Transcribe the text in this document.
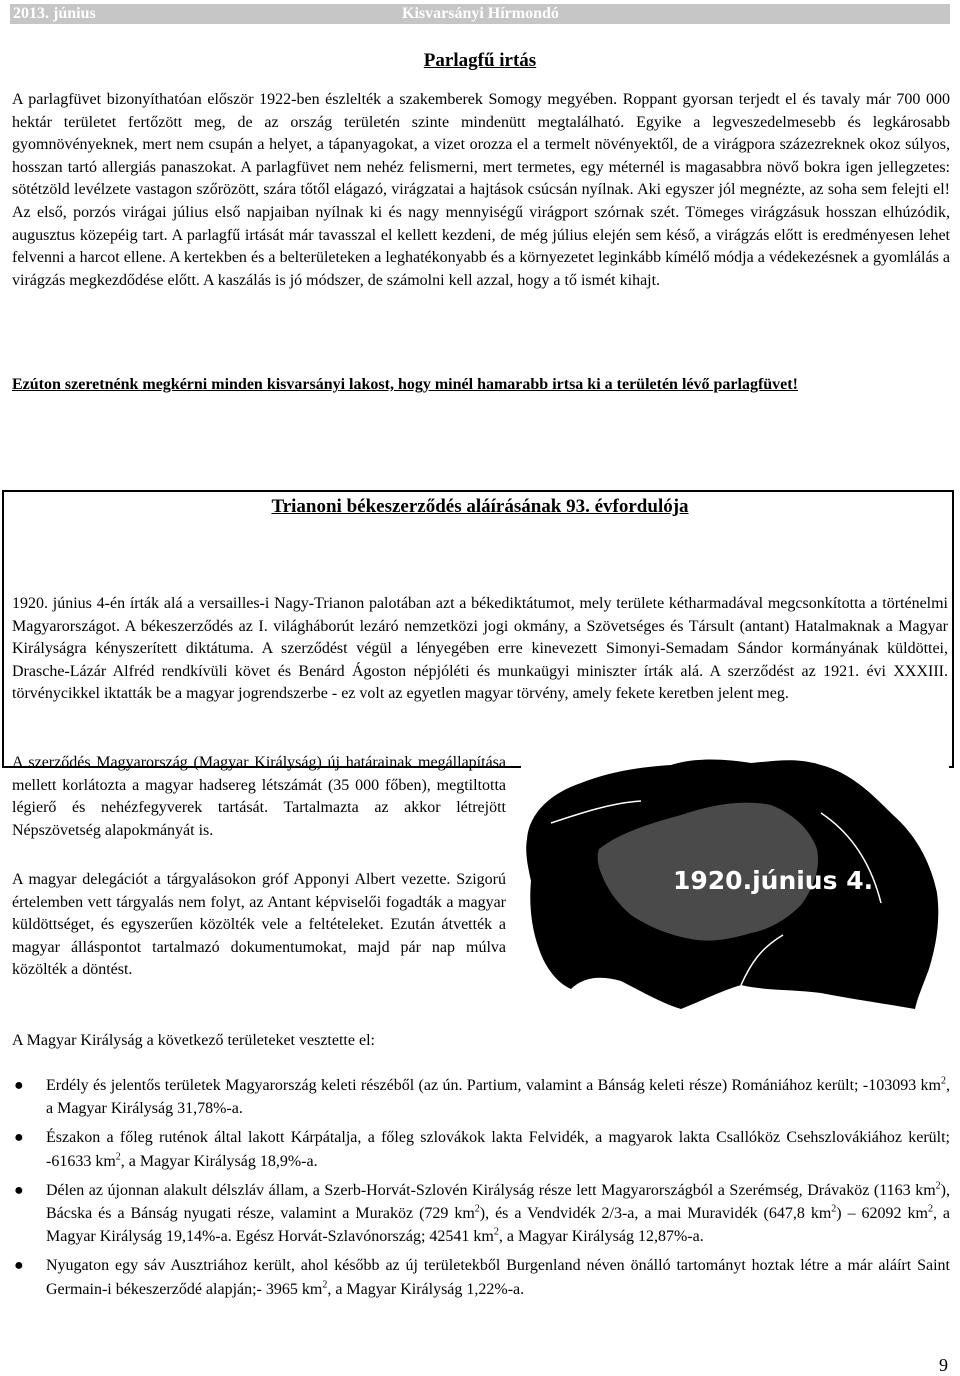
2013. június	Kisvarsányi Hírmondó
Parlagfű irtás

A parlagfüvet bizonyíthatóan először 1922-ben észlelték a szakemberek Somogy megyében. Roppant gyorsan terjedt el és tavaly már 700 000 hektár területet fertőzött meg, de az ország területén szinte mindenütt megtalálható. Egyike a legveszedelmesebb és legkárosabb gyomnövényeknek, mert nem csupán a helyet, a tápanyagokat, a vizet orozza el a termelt növényektől, de a virágpora százezreknek okoz súlyos, hosszan tartó allergiás panaszokat. A parlagfüvet nem nehéz felismerni, mert termetes, egy méternél is magasabbra növő bokra igen jellegzetes: sötétzöld levélzete vastagon szőrözött, szára tőtől elágazó, virágzatai a hajtások csúcsán nyílnak. Aki egyszer jól megnézte, az soha sem felejti el! Az első, porzós virágai július első napjaiban nyílnak ki és nagy mennyiségű virágport szórnak szét. Tömeges virágzásuk hosszan elhúzódik, augusztus közepéig tart. A parlagfű irtását már tavasszal el kellett kezdeni, de még július elején sem késő, a virágzás előtt is eredményesen lehet felvenni a harcot ellene. A kertekben és a belterületeken a leghatékonyabb és a környezetet leginkább kímélő módja a védekezésnek a gyomlálás a virágzás megkezdődése előtt. A kaszálás is jó módszer, de számolni kell azzal, hogy a tő ismét kihajt.

Ezúton szeretnénk megkérni minden kisvarsányi lakost, hogy minél hamarabb irtsa ki a területén lévő parlagfüvet!

Trianoni békeszerződés aláírásának 93. évfordulója

1920. június 4-én írták alá a versailles-i Nagy-Trianon palotában azt a békediktátumot, mely területe kétharmadával megcsonkította a történelmi Magyarországot. A békeszerződés az I. világháborút lezáró nemzetközi jogi okmány, a Szövetséges és Társult (antant) Hatalmaknak a Magyar Királyságra kényszerített diktátuma. A szerződést végül a lényegében erre kinevezett Simonyi-Semadam Sándor kormányának küldöttei, Drasche-Lázár Alfréd rendkívüli követ és Benárd Ágoston népjóléti és munkaügyi miniszter írták alá. A szerződést az 1921. évi XXXIII. törvénycikkel iktatták be a magyar jogrendszerbe - ez volt az egyetlen magyar törvény, amely fekete keretben jelent meg.

A szerződés Magyarország (Magyar Királyság) új határainak megállapítása mellett korlátozta a magyar hadsereg létszámát (35 000 főben), megtiltotta légierő és nehézfegyverek tartását. Tartalmazta az akkor létrejött Népszövetség alapokmányát is.

A magyar delegációt a tárgyalásokon gróf Apponyi Albert vezette. Szigorú értelemben vett tárgyalás nem folyt, az Antant képviselői fogadták a magyar küldöttséget, és egyszerűen közölték vele a feltételeket. Ezután átvették a magyar álláspontot tartalmazó dokumentumokat, majd pár nap múlva közölték a döntést.

1920.június 4.

A Magyar Királyság a következő területeket vesztette el:

● Erdély és jelentős területek Magyarország keleti részéből (az ún. Partium, valamint a Bánság keleti része) Romániához került; -103093 $km^2$, a Magyar Királyság 31,78%-a.
● Északon a főleg ruténok által lakott Kárpátalja, a főleg szlovákok lakta Felvidék, a magyarok lakta Csallóköz Csehszlovákiához került; -61633 $km^2$, a Magyar Királyság 18,9%-a.
● Délen az újonnan alakult délszláv állam, a Szerb-Horvát-Szlovén Királyság része lett Magyarországból a Szerémség, Drávaköz (1163 $km^2$), Bácska és a Bánság nyugati része, valamint a Muraköz (729 $km^2$), és a Vendvidék 2/3-a, a mai Muravidék (647,8 $km^2) - 62092$ $km^2$, a Magyar Királyság 19,14%-a. Egész Horvát-Szlavónország; 42541 $km^2$, a Magyar Királyság 12,87%-a.
● Nyugaton egy sáv Ausztriához került, ahol később az új területekből Burgenland néven önálló tartományt hoztak létre a már aláírt Saint Germain-i békeszerződé alapján;- 3965 $km^2$, a Magyar Királyság 1,22%-a.
9
